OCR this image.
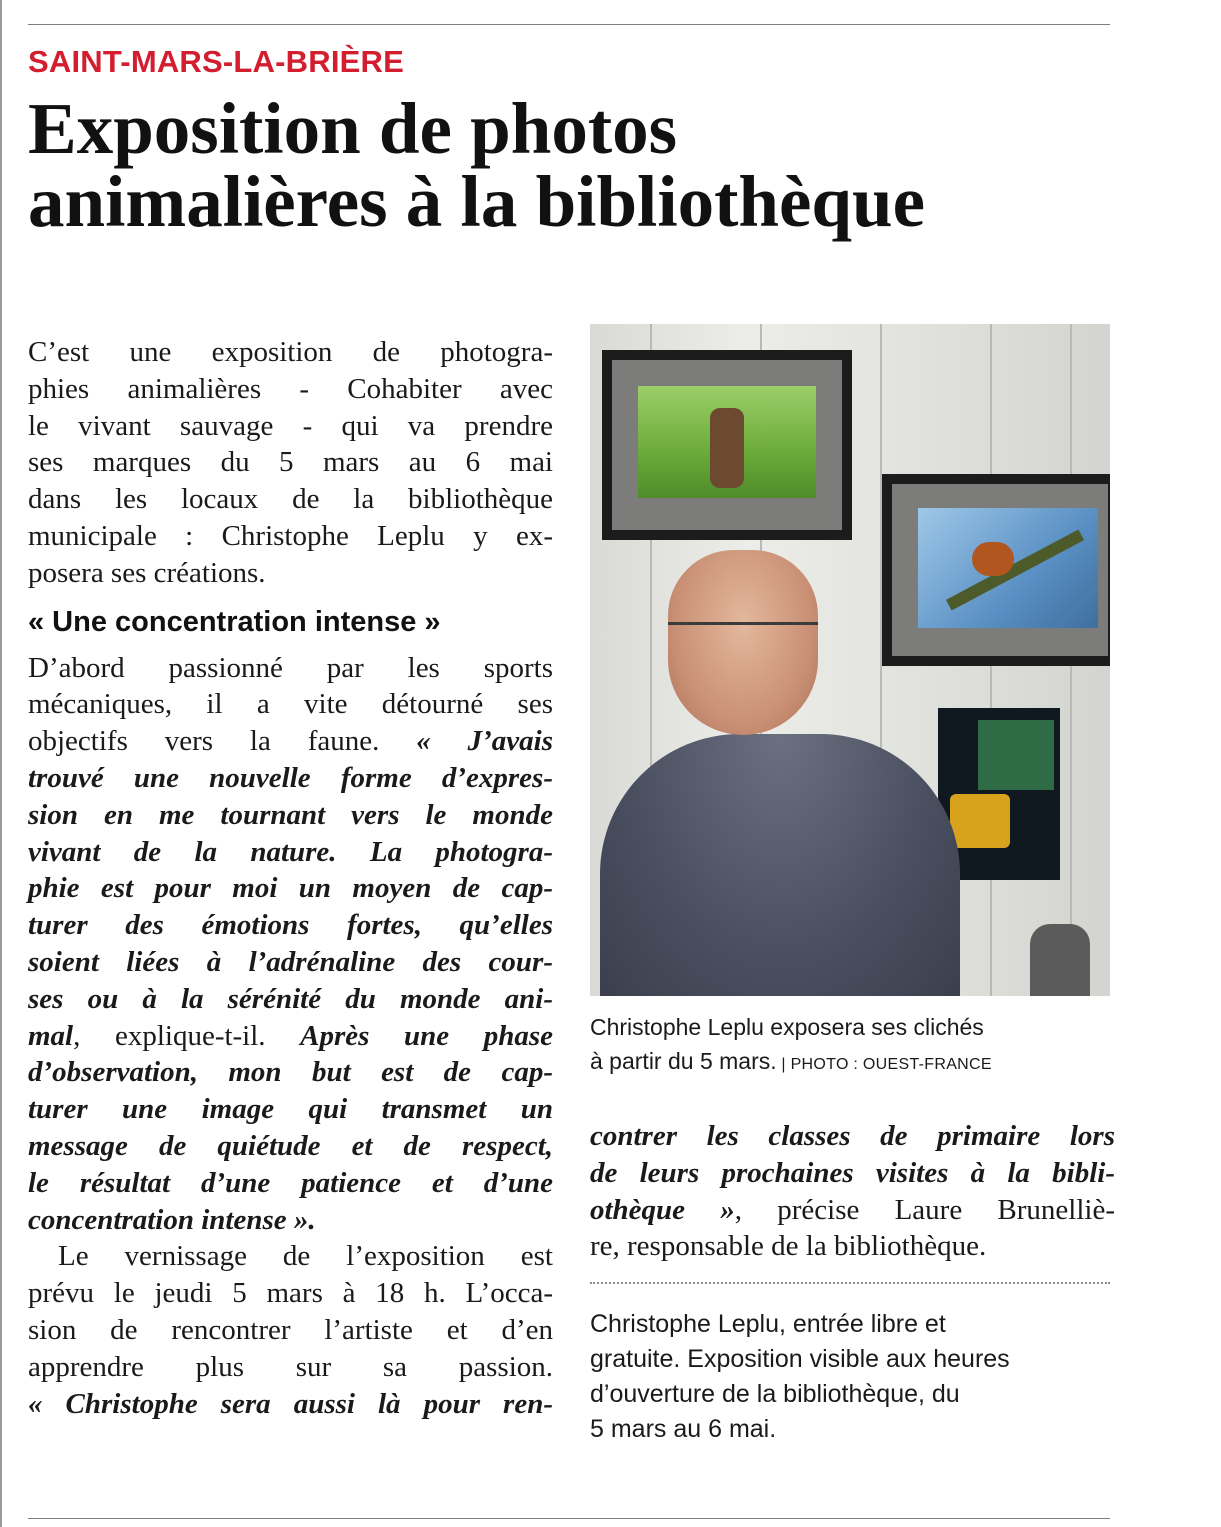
SAINT-MARS-LA-BRIÈRE
Exposition de photos
animalières à la bibliothèque
C’est une exposition de photogra-
phies animalières - Cohabiter avec
le vivant sauvage - qui va prendre
ses marques du 5 mars au 6 mai
dans les locaux de la bibliothèque
municipale : Christophe Leplu y ex-
posera ses créations.
« Une concentration intense »
D’abord passionné par les sports
mécaniques, il a vite détourné ses
objectifs vers la faune. « J’avais
trouvé une nouvelle forme d’expres-
sion en me tournant vers le monde
vivant de la nature. La photogra-
phie est pour moi un moyen de cap-
turer des émotions fortes, qu’elles
soient liées à l’adrénaline des cour-
ses ou à la sérénité du monde ani-
mal, explique-t-il. Après une phase
d’observation, mon but est de cap-
turer une image qui transmet un
message de quiétude et de respect,
le résultat d’une patience et d’une
concentration intense ».
Le vernissage de l’exposition est
prévu le jeudi 5 mars à 18 h. L’occa-
sion de rencontrer l’artiste et d’en
apprendre plus sur sa passion.
« Christophe sera aussi là pour ren-
Christophe Leplu exposera ses clichés
à partir du 5 mars. | PHOTO : OUEST-FRANCE
contrer les classes de primaire lors
de leurs prochaines visites à la bibli-
othèque », précise Laure Brunelliè-
re, responsable de la bibliothèque.
Christophe Leplu, entrée libre et
gratuite. Exposition visible aux heures
d’ouverture de la bibliothèque, du
5 mars au 6 mai.
